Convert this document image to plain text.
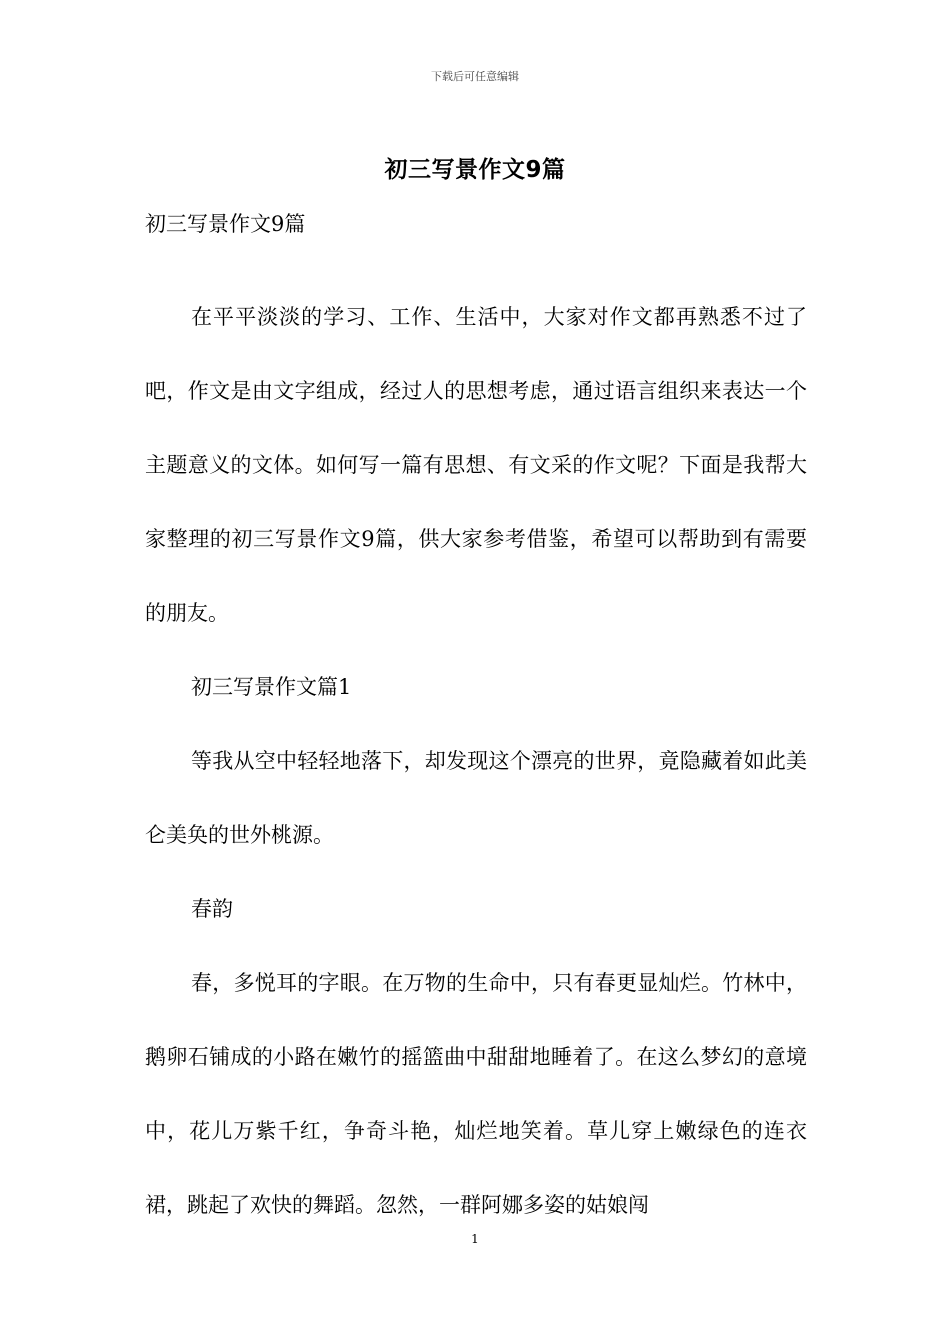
下载后可任意编辑
初三写景作文9篇

初三写景作文9篇

在平平淡淡的学习、工作、生活中，大家对作文都再熟悉不过了吧，作文是由文字组成，经过人的思想考虑，通过语言组织来表达一个主题意义的文体。如何写一篇有思想、有文采的作文呢？下面是我帮大家整理的初三写景作文9篇，供大家参考借鉴，希望可以帮助到有需要的朋友。

初三写景作文篇1

等我从空中轻轻地落下，却发现这个漂亮的世界，竟隐藏着如此美仑美奂的世外桃源。

春韵

春，多悦耳的字眼。在万物的生命中，只有春更显灿烂。竹林中，鹅卵石铺成的小路在嫩竹的摇篮曲中甜甜地睡着了。在这么梦幻的意境中，花儿万紫千红，争奇斗艳，灿烂地笑着。草儿穿上嫩绿色的连衣裙，跳起了欢快的舞蹈。忽然，一群阿娜多姿的姑娘闯

1
